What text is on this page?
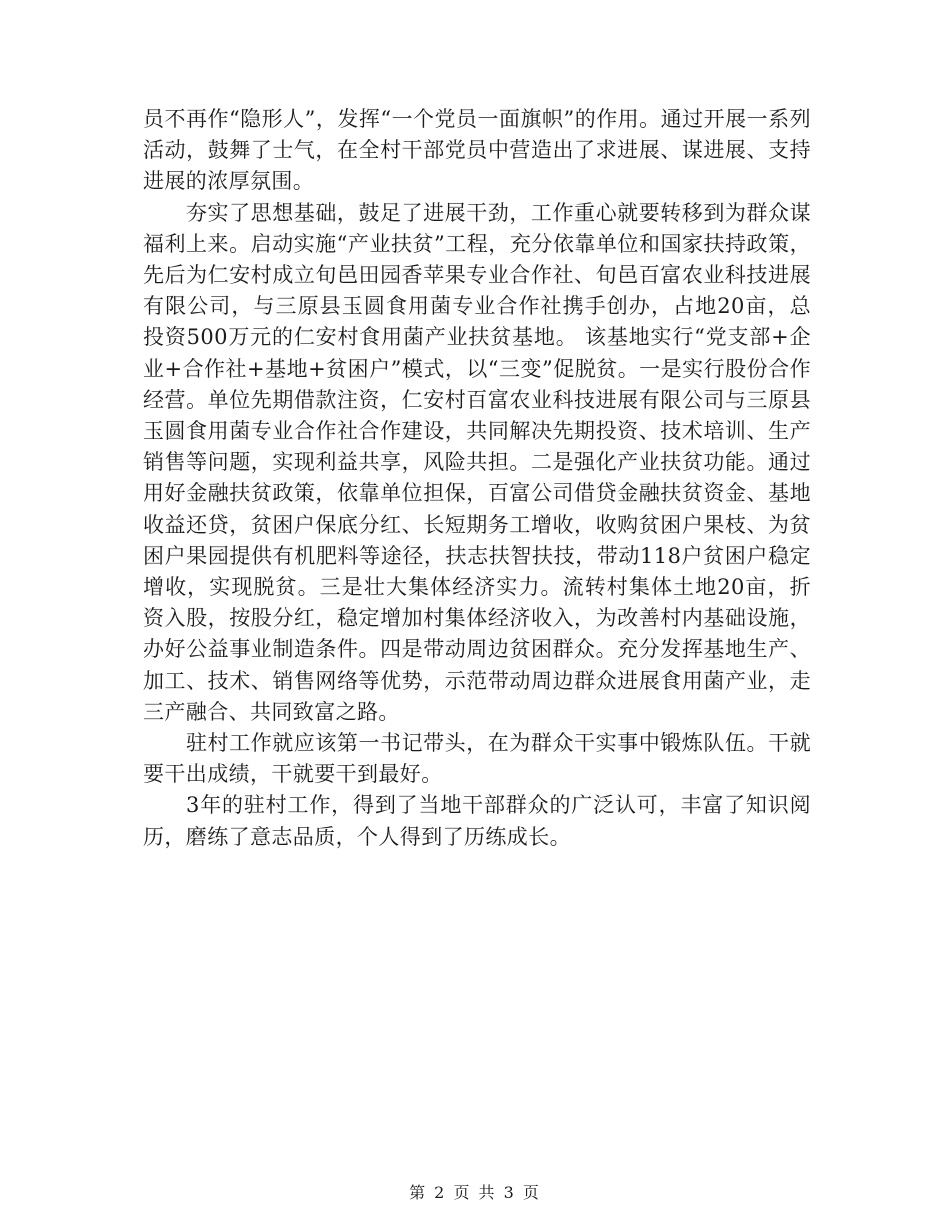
员不再作“隐形人”，发挥“一个党员一面旗帜”的作用。通过开展一系列活动，鼓舞了士气，在全村干部党员中营造出了求进展、谋进展、支持进展的浓厚氛围。

夯实了思想基础，鼓足了进展干劲，工作重心就要转移到为群众谋福利上来。启动实施“产业扶贫”工程，充分依靠单位和国家扶持政策，先后为仁安村成立旬邑田园香苹果专业合作社、旬邑百富农业科技进展有限公司，与三原县玉圆食用菌专业合作社携手创办，占地20亩，总投资500万元的仁安村食用菌产业扶贫基地。 该基地实行“党支部+企业+合作社+基地+贫困户”模式，以“三变”促脱贫。一是实行股份合作经营。单位先期借款注资，仁安村百富农业科技进展有限公司与三原县玉圆食用菌专业合作社合作建设，共同解决先期投资、技术培训、生产销售等问题，实现利益共享，风险共担。二是强化产业扶贫功能。通过用好金融扶贫政策，依靠单位担保，百富公司借贷金融扶贫资金、基地收益还贷，贫困户保底分红、长短期务工增收，收购贫困户果枝、为贫困户果园提供有机肥料等途径，扶志扶智扶技，带动118户贫困户稳定增收，实现脱贫。三是壮大集体经济实力。流转村集体土地20亩，折资入股，按股分红，稳定增加村集体经济收入，为改善村内基础设施，办好公益事业制造条件。四是带动周边贫困群众。充分发挥基地生产、加工、技术、销售网络等优势，示范带动周边群众进展食用菌产业，走三产融合、共同致富之路。

驻村工作就应该第一书记带头，在为群众干实事中锻炼队伍。干就要干出成绩，干就要干到最好。

3年的驻村工作，得到了当地干部群众的广泛认可，丰富了知识阅历，磨练了意志品质，个人得到了历练成长。

第 2 页 共 3 页
